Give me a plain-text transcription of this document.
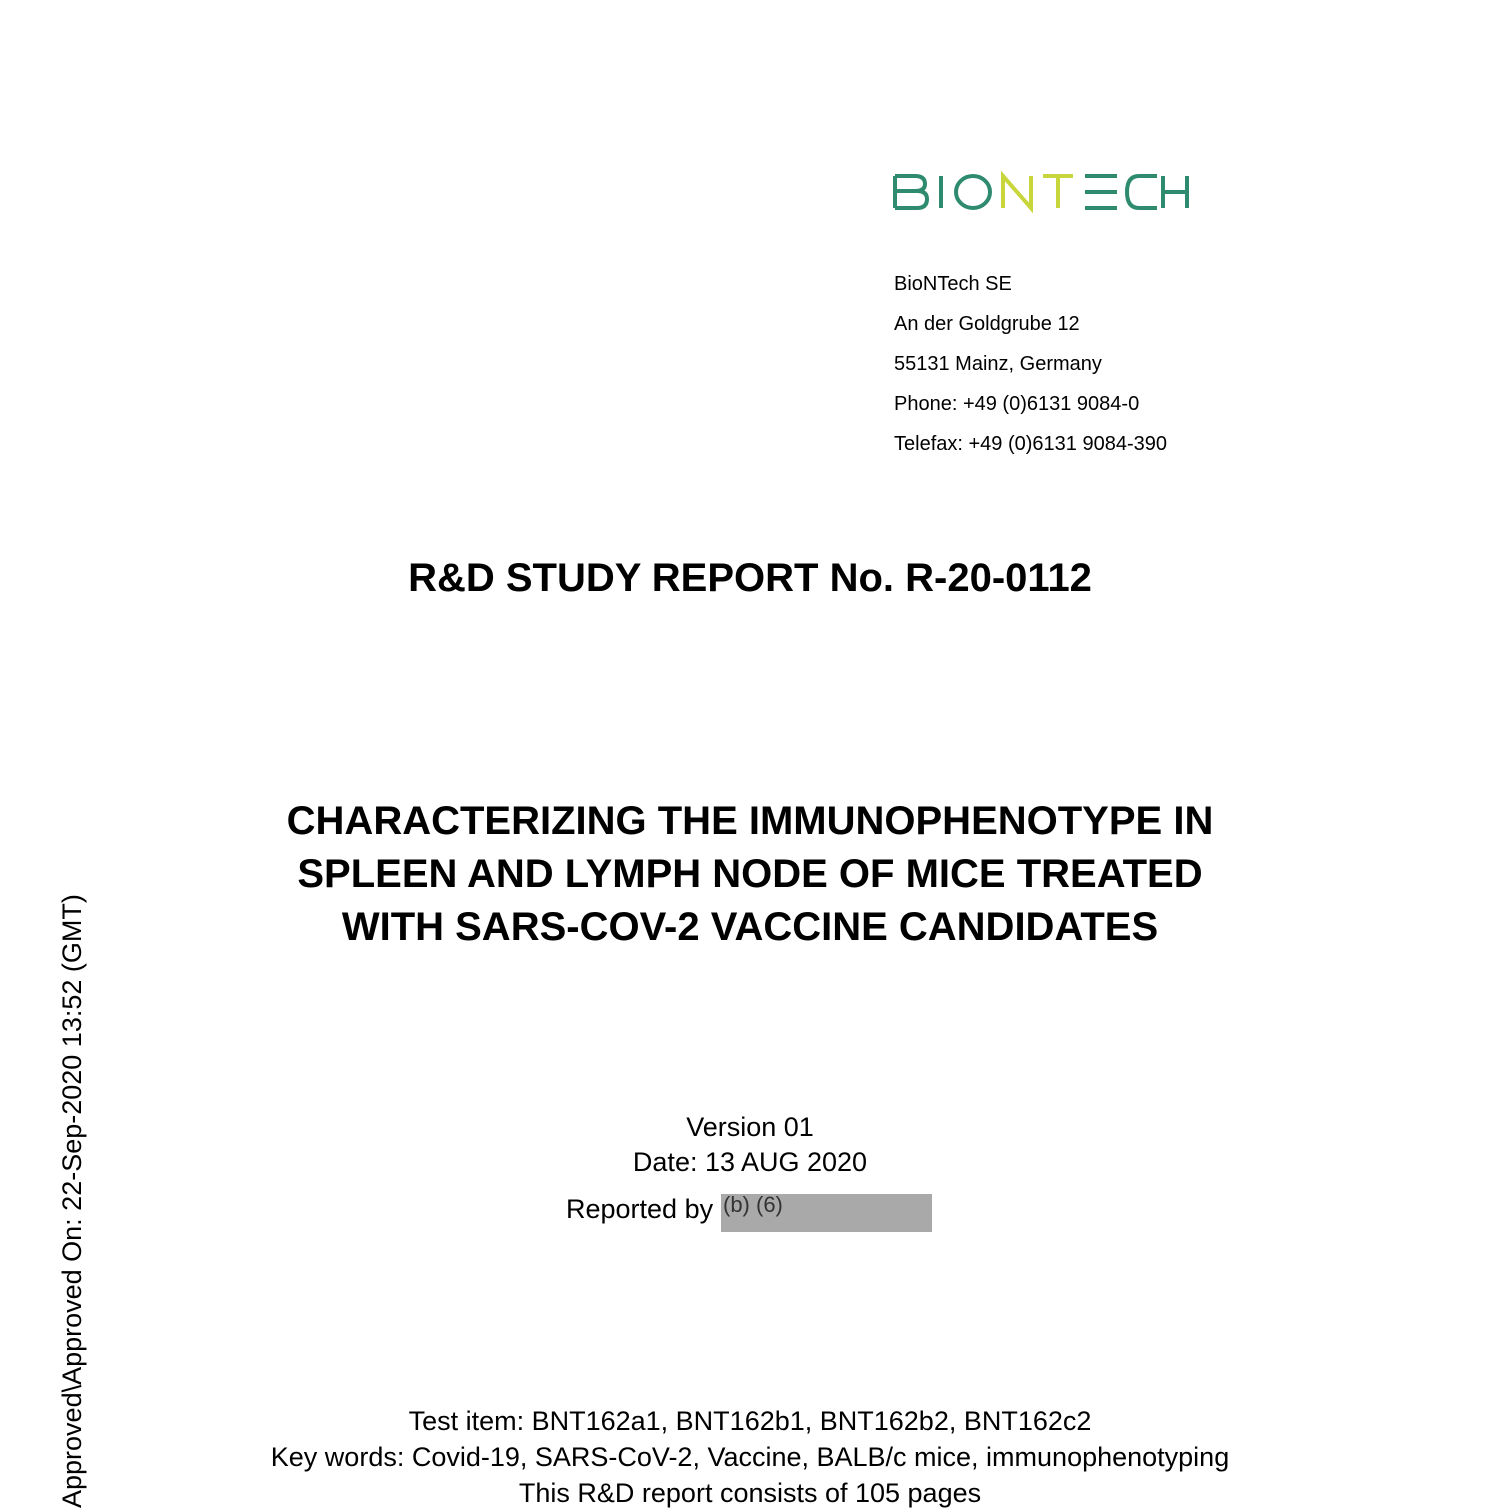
BioNTech SE
An der Goldgrube 12
55131 Mainz, Germany
Phone: +49 (0)6131 9084-0
Telefax: +49 (0)6131 9084-390
R&D STUDY REPORT No. R-20-0112
CHARACTERIZING THE IMMUNOPHENOTYPE IN
SPLEEN AND LYMPH NODE OF MICE TREATED
WITH SARS-COV-2 VACCINE CANDIDATES
Version 01
Date: 13 AUG 2020
Reported by (b) (6)
Test item: BNT162a1, BNT162b1, BNT162b2, BNT162c2
Key words: Covid-19, SARS-CoV-2, Vaccine, BALB/c mice, immunophenotyping
This R&D report consists of 105 pages
Approved\Approved On: 22-Sep-2020 13:52 (GMT)
